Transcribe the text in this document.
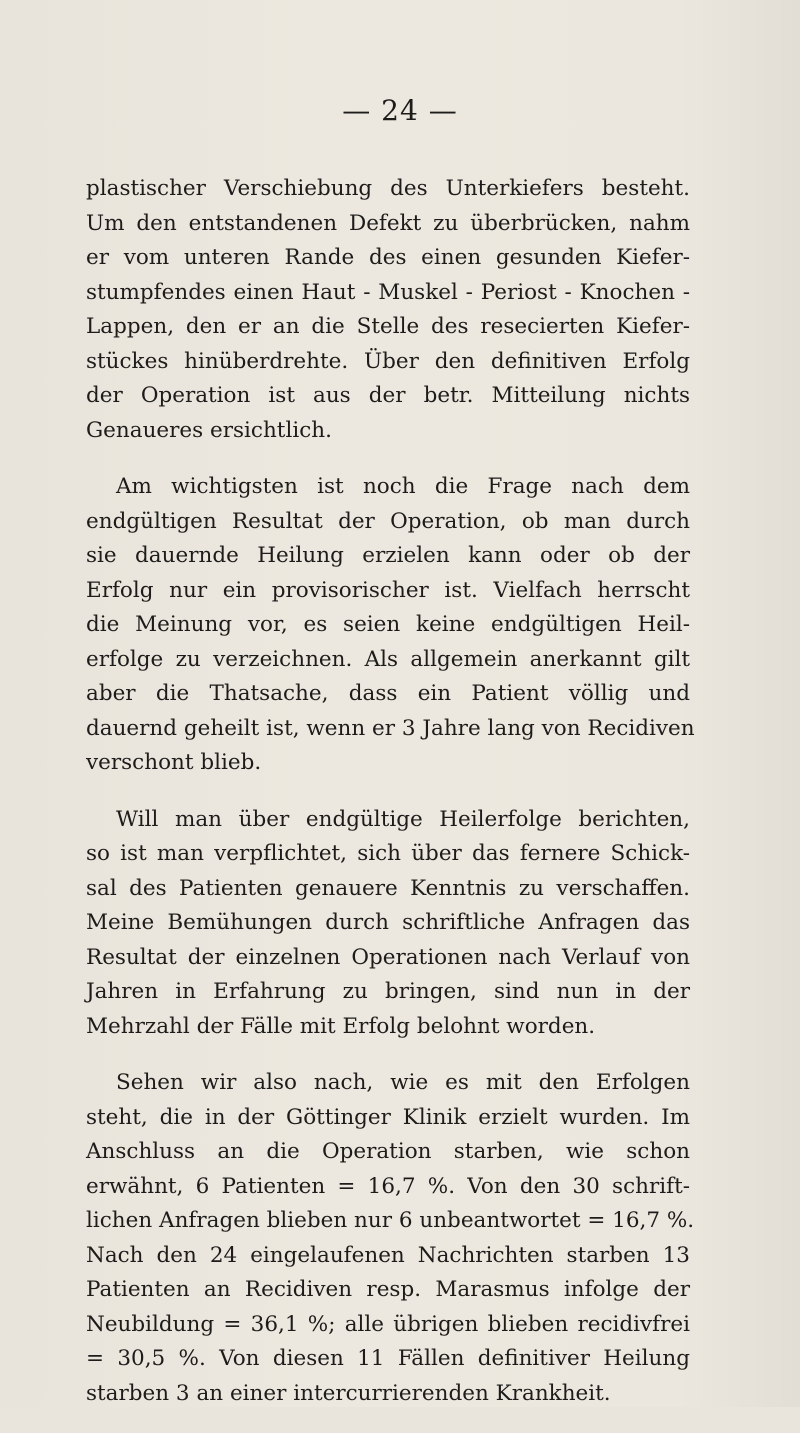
— 24 —
plastischer Verschiebung des Unterkiefers besteht.
Um den entstandenen Defekt zu überbrücken, nahm
er vom unteren Rande des einen gesunden Kiefer-
stumpfendes einen Haut - Muskel - Periost - Knochen -
Lappen, den er an die Stelle des resecierten Kiefer-
stückes hinüberdrehte. Über den definitiven Erfolg
der Operation ist aus der betr. Mitteilung nichts
Genaueres ersichtlich.
Am wichtigsten ist noch die Frage nach dem
endgültigen Resultat der Operation, ob man durch
sie dauernde Heilung erzielen kann oder ob der
Erfolg nur ein provisorischer ist. Vielfach herrscht
die Meinung vor, es seien keine endgültigen Heil-
erfolge zu verzeichnen. Als allgemein anerkannt gilt
aber die Thatsache, dass ein Patient völlig und
dauernd geheilt ist, wenn er 3 Jahre lang von Recidiven
verschont blieb.
Will man über endgültige Heilerfolge berichten,
so ist man verpflichtet, sich über das fernere Schick-
sal des Patienten genauere Kenntnis zu verschaffen.
Meine Bemühungen durch schriftliche Anfragen das
Resultat der einzelnen Operationen nach Verlauf von
Jahren in Erfahrung zu bringen, sind nun in der
Mehrzahl der Fälle mit Erfolg belohnt worden.
Sehen wir also nach, wie es mit den Erfolgen
steht, die in der Göttinger Klinik erzielt wurden. Im
Anschluss an die Operation starben, wie schon
erwähnt, 6 Patienten = 16,7 %. Von den 30 schrift-
lichen Anfragen blieben nur 6 unbeantwortet = 16,7 %.
Nach den 24 eingelaufenen Nachrichten starben 13
Patienten an Recidiven resp. Marasmus infolge der
Neubildung = 36,1 %; alle übrigen blieben recidivfrei
= 30,5 %. Von diesen 11 Fällen definitiver Heilung
starben 3 an einer intercurrierenden Krankheit.
